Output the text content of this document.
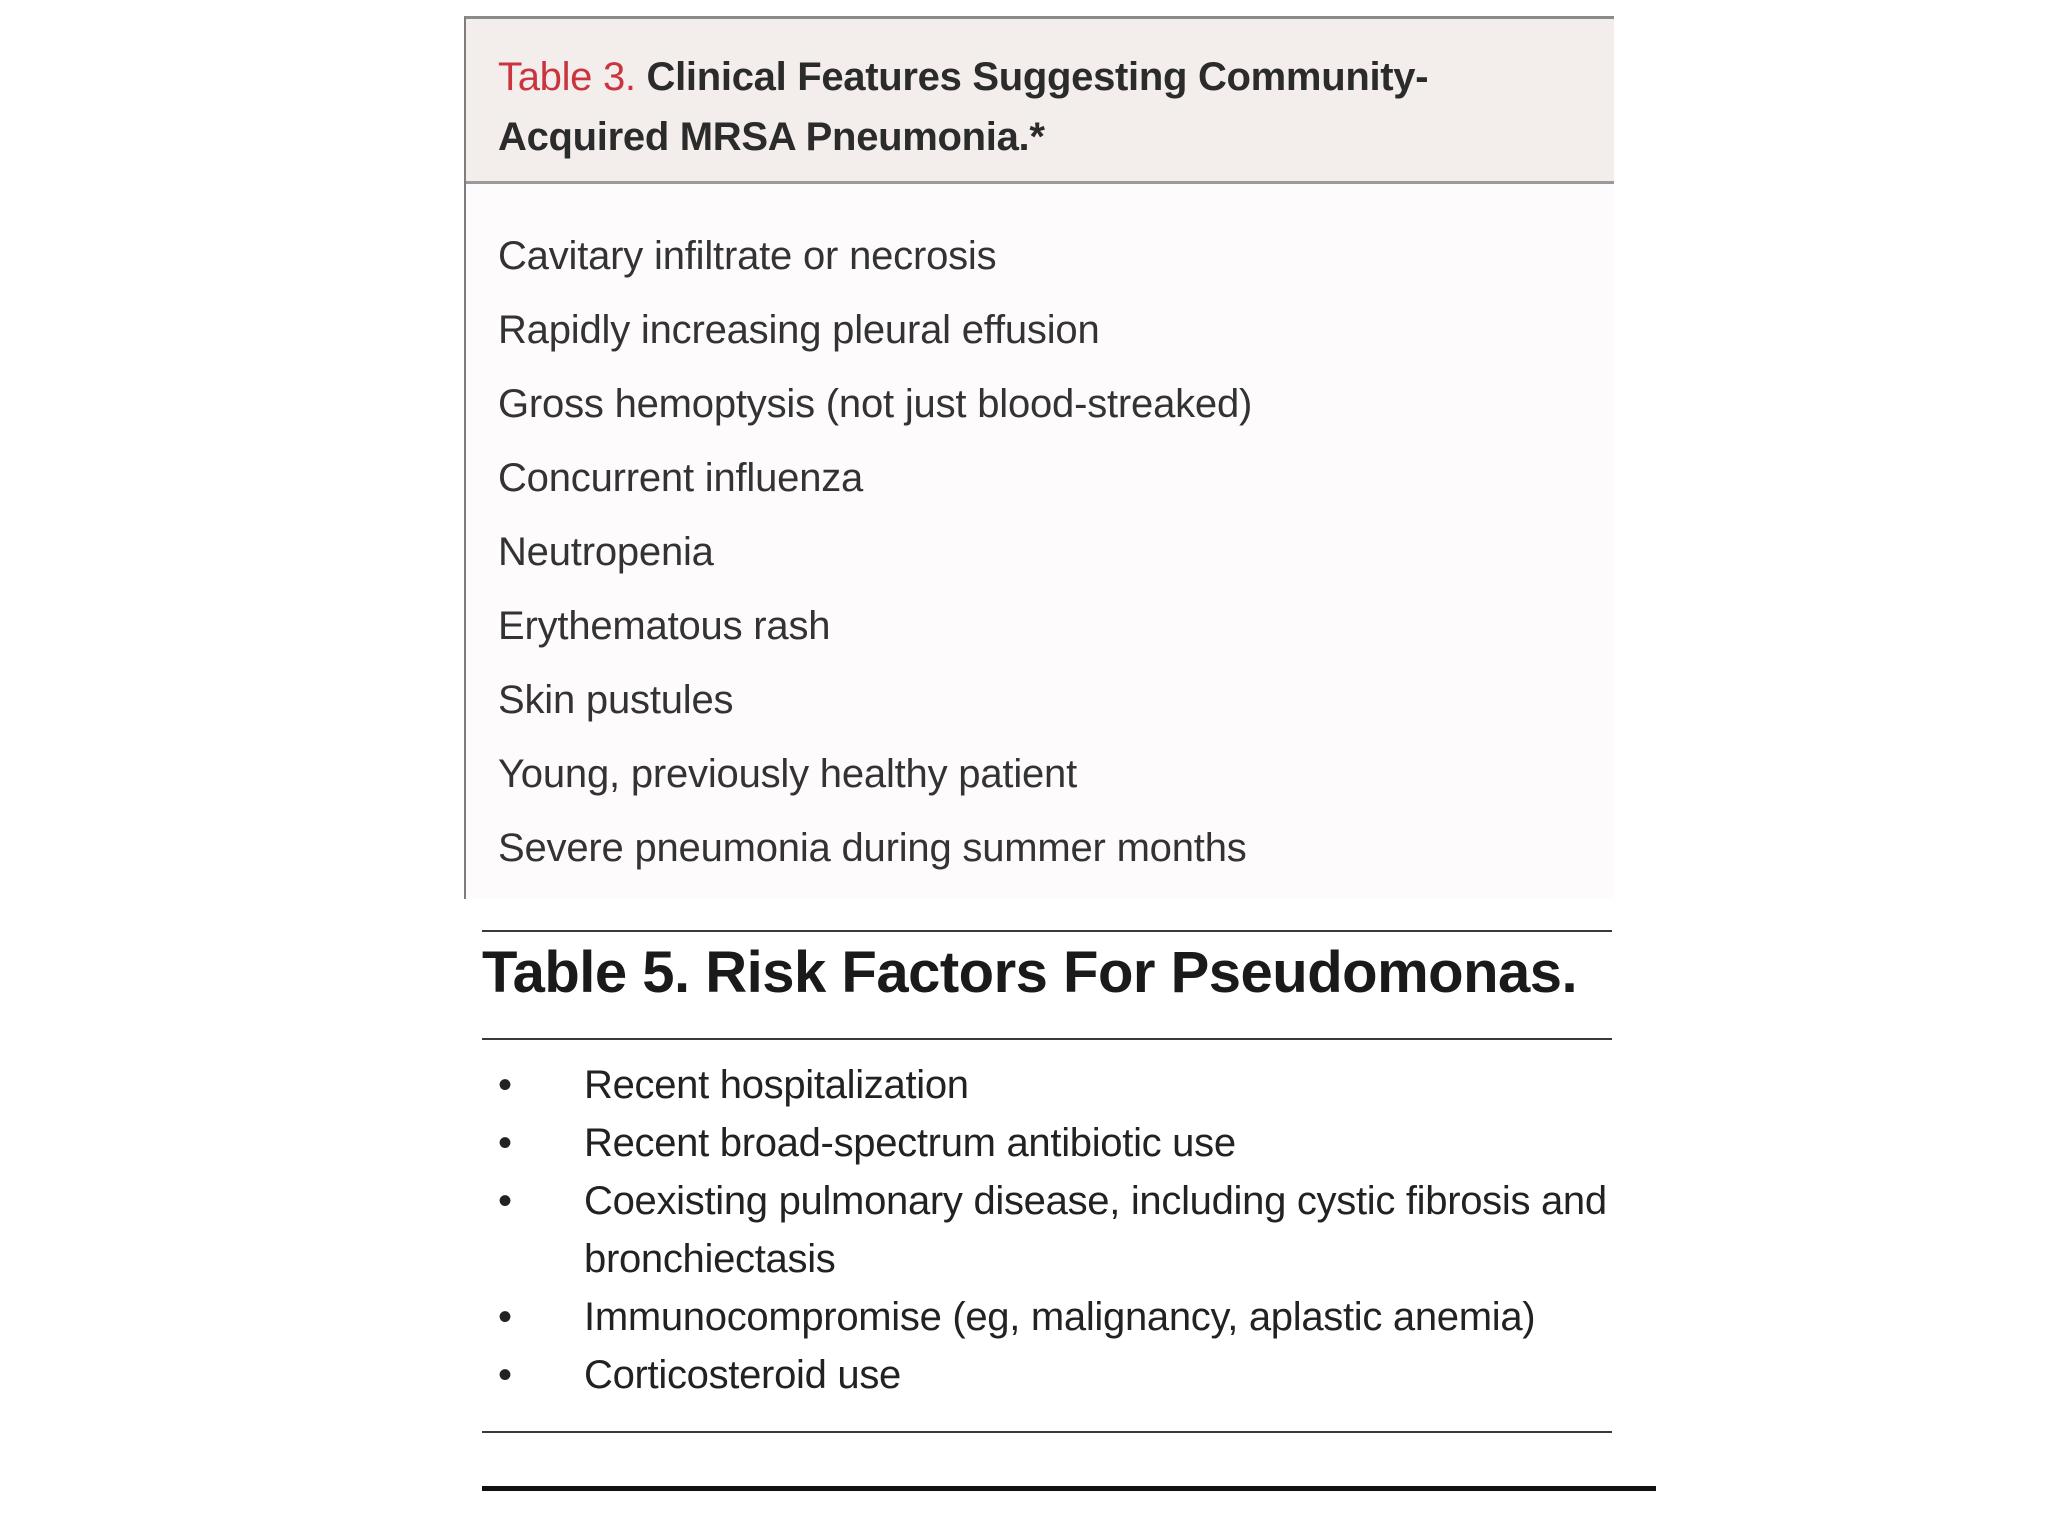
Table 3. Clinical Features Suggesting Community-
Acquired MRSA Pneumonia.*
Cavitary infiltrate or necrosis
Rapidly increasing pleural effusion
Gross hemoptysis (not just blood-streaked)
Concurrent influenza
Neutropenia
Erythematous rash
Skin pustules
Young, previously healthy patient
Severe pneumonia during summer months
Table 5. Risk Factors For Pseudomonas.
•	Recent hospitalization
•	Recent broad-spectrum antibiotic use
•	Coexisting pulmonary disease, including cystic fibrosis and bronchiectasis
•	Immunocompromise (eg, malignancy, aplastic anemia)
•	Corticosteroid use
